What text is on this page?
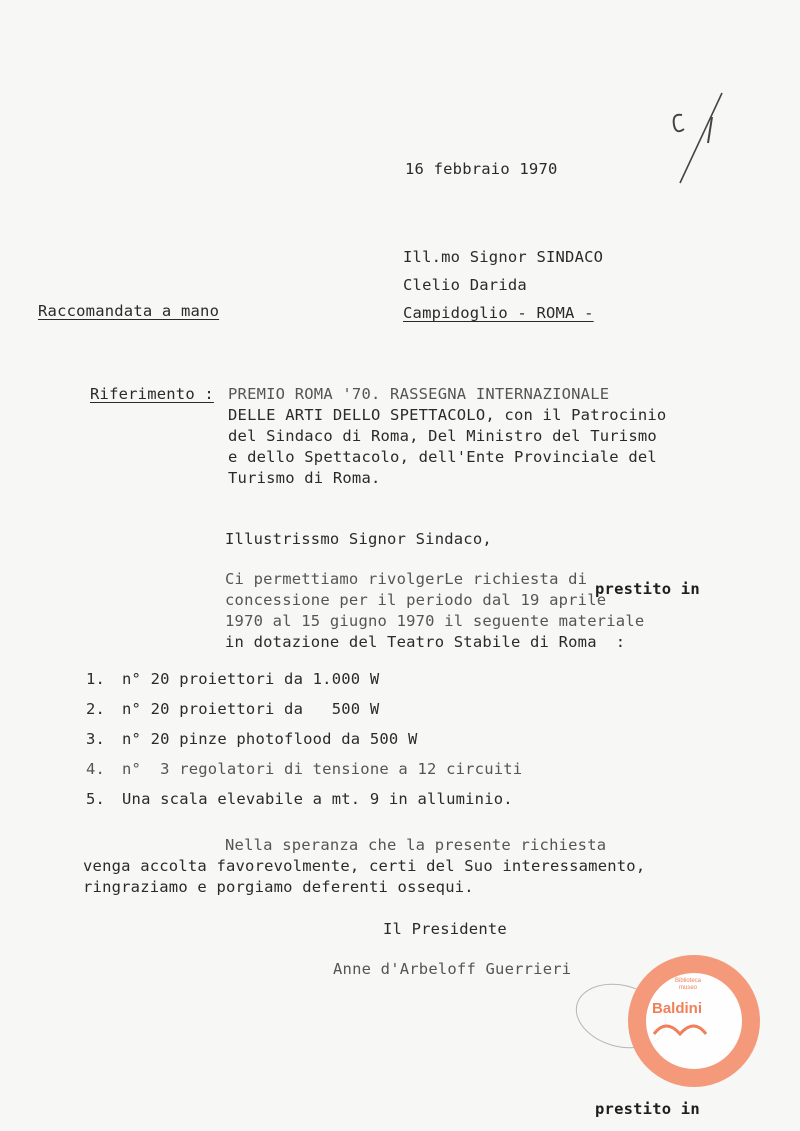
16 febbraio 1970
Ill.mo Signor SINDACO
Clelio Darida
Campidoglio - ROMA -
Raccomandata a mano
Riferimento : PREMIO ROMA '70. RASSEGNA INTERNAZIONALE
DELLE ARTI DELLO SPETTACOLO, con il Patrocinio
del Sindaco di Roma, Del Ministro del Turismo
e dello Spettacolo, dell'Ente Provinciale del
Turismo di Roma.
Illustrissmo Signor Sindaco,
Ci permettiamo rivolgerLe richiesta di
concessione per il periodo dal 19 aprile
1970 al 15 giugno 1970 il seguente materiale
in dotazione del Teatro Stabile di Roma  :
prestito in
1. n° 20 proiettori da 1.000 W
2. n° 20 proiettori da   500 W
3. n° 20 pinze photoflood da 500 W
4. n°  3 regolatori di tensione a 12 circuiti
5. Una scala elevabile a mt. 9 in alluminio.
Nella speranza che la presente richiesta
venga accolta favorevolmente, certi del Suo interessamento,
ringraziamo e porgiamo deferenti ossequi.
Il Presidente
Anne d'Arbeloff Guerrieri
Biblioteca museo
Baldini
prestito in
